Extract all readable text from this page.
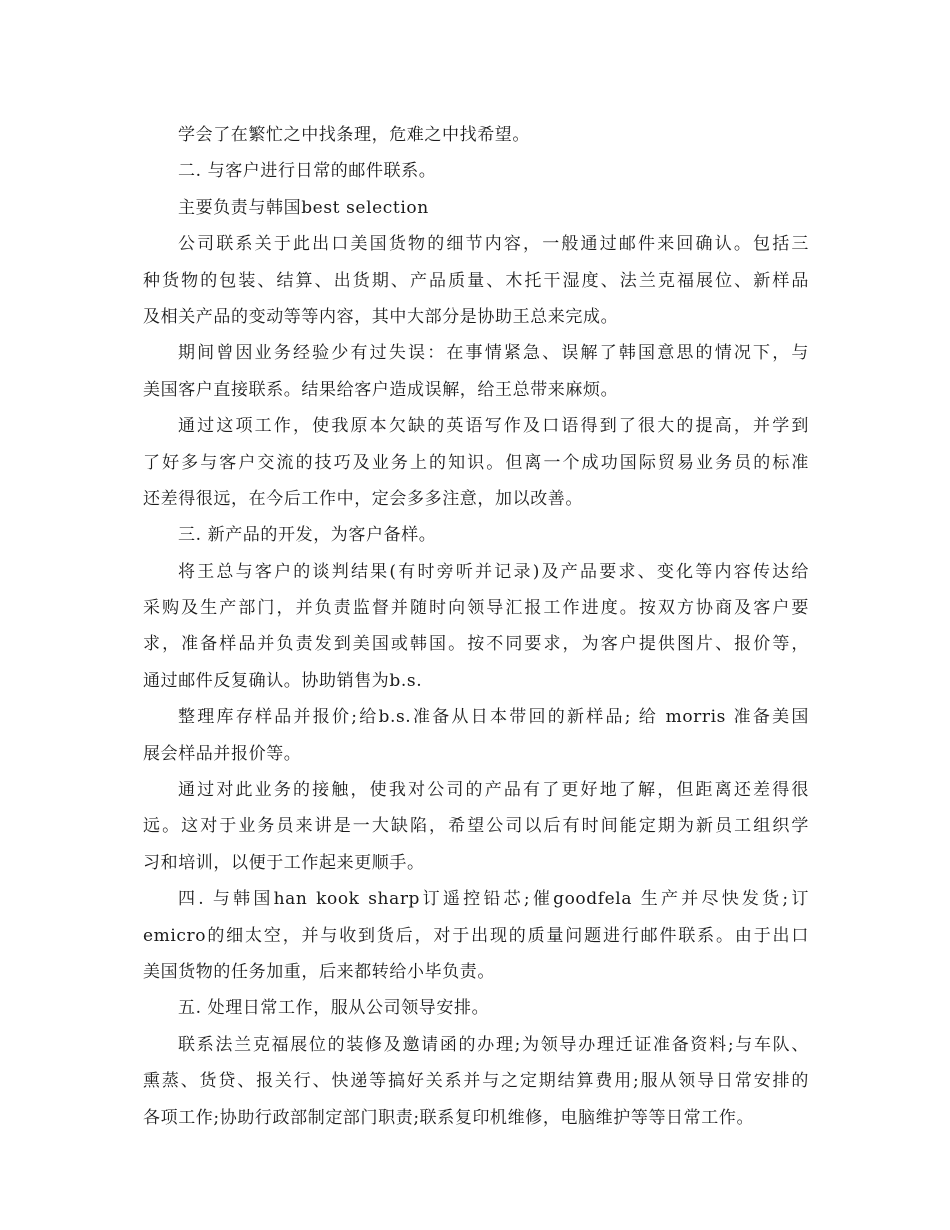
学会了在繁忙之中找条理，危难之中找希望。
二. 与客户进行日常的邮件联系。
主要负责与韩国best selection
公司联系关于此出口美国货物的细节内容，一般通过邮件来回确认。包括三
种货物的包装、结算、出货期、产品质量、木托干湿度、法兰克福展位、新样品
及相关产品的变动等等内容，其中大部分是协助王总来完成。
期间曾因业务经验少有过失误：在事情紧急、误解了韩国意思的情况下，与
美国客户直接联系。结果给客户造成误解，给王总带来麻烦。
通过这项工作，使我原本欠缺的英语写作及口语得到了很大的提高，并学到
了好多与客户交流的技巧及业务上的知识。但离一个成功国际贸易业务员的标准
还差得很远，在今后工作中，定会多多注意，加以改善。
三. 新产品的开发，为客户备样。
将王总与客户的谈判结果(有时旁听并记录)及产品要求、变化等内容传达给
采购及生产部门，并负责监督并随时向领导汇报工作进度。按双方协商及客户要
求，准备样品并负责发到美国或韩国。按不同要求，为客户提供图片、报价等，
通过邮件反复确认。协助销售为b.s.
整理库存样品并报价;给b.s.准备从日本带回的新样品; 给 morris 准备美国
展会样品并报价等。
通过对此业务的接触，使我对公司的产品有了更好地了解，但距离还差得很
远。这对于业务员来讲是一大缺陷，希望公司以后有时间能定期为新员工组织学
习和培训，以便于工作起来更顺手。
四. 与韩国han kook sharp订遥控铅芯;催goodfela 生产并尽快发货;订
emicro的细太空，并与收到货后，对于出现的质量问题进行邮件联系。由于出口
美国货物的任务加重，后来都转给小毕负责。
五. 处理日常工作，服从公司领导安排。
联系法兰克福展位的装修及邀请函的办理;为领导办理迁证准备资料;与车队、
熏蒸、货贷、报关行、快递等搞好关系并与之定期结算费用;服从领导日常安排的
各项工作;协助行政部制定部门职责;联系复印机维修，电脑维护等等日常工作。
